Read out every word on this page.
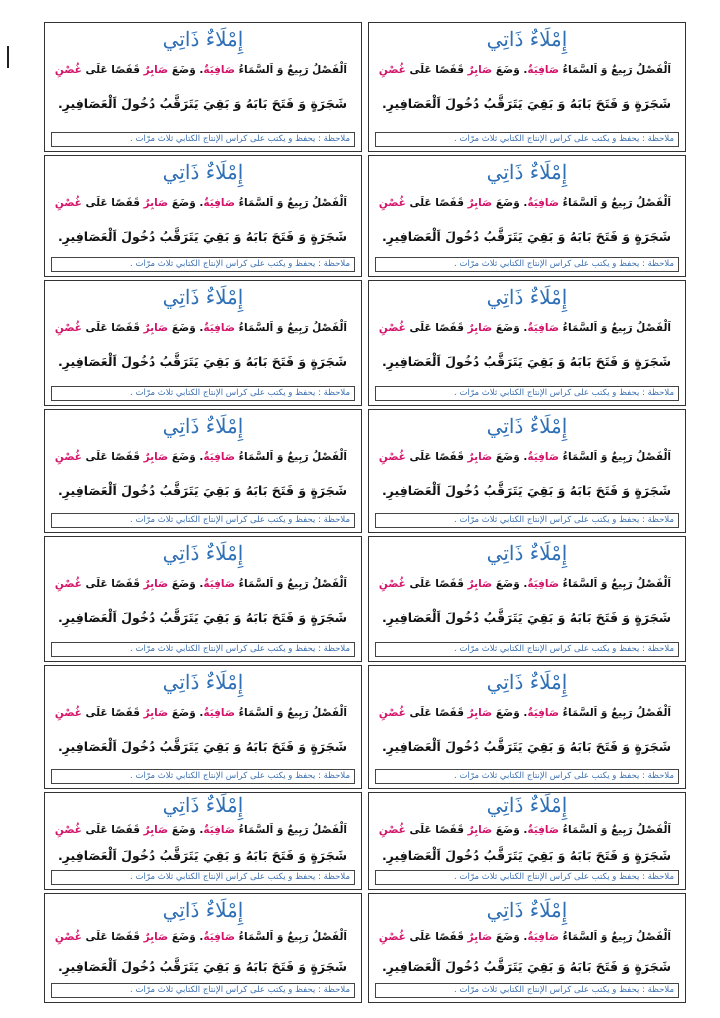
إِمْلَاءٌ ذَاتِي
اَلْفَصْلُ رَبِيعٌ وَ اَلسَّمَاءُ صَافِيَةٌ. وَضَعَ صَابِرٌ قَفَصًا عَلَى غُصْنِ
شَجَرَةٍ وَ فَتَحَ بَابَهُ وَ بَقِيَ يَتَرَقَّبُ دُخُولَ اَلْعَصَافِيرِ.
ملاحظة : يحفظ و يكتب على كراس الإنتاج الكتابي ثلاث مرّات .
إِمْلَاءٌ ذَاتِي
اَلْفَصْلُ رَبِيعٌ وَ اَلسَّمَاءُ صَافِيَةٌ. وَضَعَ صَابِرٌ قَفَصًا عَلَى غُصْنِ
شَجَرَةٍ وَ فَتَحَ بَابَهُ وَ بَقِيَ يَتَرَقَّبُ دُخُولَ اَلْعَصَافِيرِ.
ملاحظة : يحفظ و يكتب على كراس الإنتاج الكتابي ثلاث مرّات .
إِمْلَاءٌ ذَاتِي
اَلْفَصْلُ رَبِيعٌ وَ اَلسَّمَاءُ صَافِيَةٌ. وَضَعَ صَابِرٌ قَفَصًا عَلَى غُصْنِ
شَجَرَةٍ وَ فَتَحَ بَابَهُ وَ بَقِيَ يَتَرَقَّبُ دُخُولَ اَلْعَصَافِيرِ.
ملاحظة : يحفظ و يكتب على كراس الإنتاج الكتابي ثلاث مرّات .
إِمْلَاءٌ ذَاتِي
اَلْفَصْلُ رَبِيعٌ وَ اَلسَّمَاءُ صَافِيَةٌ. وَضَعَ صَابِرٌ قَفَصًا عَلَى غُصْنِ
شَجَرَةٍ وَ فَتَحَ بَابَهُ وَ بَقِيَ يَتَرَقَّبُ دُخُولَ اَلْعَصَافِيرِ.
ملاحظة : يحفظ و يكتب على كراس الإنتاج الكتابي ثلاث مرّات .
إِمْلَاءٌ ذَاتِي
اَلْفَصْلُ رَبِيعٌ وَ اَلسَّمَاءُ صَافِيَةٌ. وَضَعَ صَابِرٌ قَفَصًا عَلَى غُصْنِ
شَجَرَةٍ وَ فَتَحَ بَابَهُ وَ بَقِيَ يَتَرَقَّبُ دُخُولَ اَلْعَصَافِيرِ.
ملاحظة : يحفظ و يكتب على كراس الإنتاج الكتابي ثلاث مرّات .
إِمْلَاءٌ ذَاتِي
اَلْفَصْلُ رَبِيعٌ وَ اَلسَّمَاءُ صَافِيَةٌ. وَضَعَ صَابِرٌ قَفَصًا عَلَى غُصْنِ
شَجَرَةٍ وَ فَتَحَ بَابَهُ وَ بَقِيَ يَتَرَقَّبُ دُخُولَ اَلْعَصَافِيرِ.
ملاحظة : يحفظ و يكتب على كراس الإنتاج الكتابي ثلاث مرّات .
إِمْلَاءٌ ذَاتِي
اَلْفَصْلُ رَبِيعٌ وَ اَلسَّمَاءُ صَافِيَةٌ. وَضَعَ صَابِرٌ قَفَصًا عَلَى غُصْنِ
شَجَرَةٍ وَ فَتَحَ بَابَهُ وَ بَقِيَ يَتَرَقَّبُ دُخُولَ اَلْعَصَافِيرِ.
ملاحظة : يحفظ و يكتب على كراس الإنتاج الكتابي ثلاث مرّات .
إِمْلَاءٌ ذَاتِي
اَلْفَصْلُ رَبِيعٌ وَ اَلسَّمَاءُ صَافِيَةٌ. وَضَعَ صَابِرٌ قَفَصًا عَلَى غُصْنِ
شَجَرَةٍ وَ فَتَحَ بَابَهُ وَ بَقِيَ يَتَرَقَّبُ دُخُولَ اَلْعَصَافِيرِ.
ملاحظة : يحفظ و يكتب على كراس الإنتاج الكتابي ثلاث مرّات .
إِمْلَاءٌ ذَاتِي
اَلْفَصْلُ رَبِيعٌ وَ اَلسَّمَاءُ صَافِيَةٌ. وَضَعَ صَابِرٌ قَفَصًا عَلَى غُصْنِ
شَجَرَةٍ وَ فَتَحَ بَابَهُ وَ بَقِيَ يَتَرَقَّبُ دُخُولَ اَلْعَصَافِيرِ.
ملاحظة : يحفظ و يكتب على كراس الإنتاج الكتابي ثلاث مرّات .
إِمْلَاءٌ ذَاتِي
اَلْفَصْلُ رَبِيعٌ وَ اَلسَّمَاءُ صَافِيَةٌ. وَضَعَ صَابِرٌ قَفَصًا عَلَى غُصْنِ
شَجَرَةٍ وَ فَتَحَ بَابَهُ وَ بَقِيَ يَتَرَقَّبُ دُخُولَ اَلْعَصَافِيرِ.
ملاحظة : يحفظ و يكتب على كراس الإنتاج الكتابي ثلاث مرّات .
إِمْلَاءٌ ذَاتِي
اَلْفَصْلُ رَبِيعٌ وَ اَلسَّمَاءُ صَافِيَةٌ. وَضَعَ صَابِرٌ قَفَصًا عَلَى غُصْنِ
شَجَرَةٍ وَ فَتَحَ بَابَهُ وَ بَقِيَ يَتَرَقَّبُ دُخُولَ اَلْعَصَافِيرِ.
ملاحظة : يحفظ و يكتب على كراس الإنتاج الكتابي ثلاث مرّات .
إِمْلَاءٌ ذَاتِي
اَلْفَصْلُ رَبِيعٌ وَ اَلسَّمَاءُ صَافِيَةٌ. وَضَعَ صَابِرٌ قَفَصًا عَلَى غُصْنِ
شَجَرَةٍ وَ فَتَحَ بَابَهُ وَ بَقِيَ يَتَرَقَّبُ دُخُولَ اَلْعَصَافِيرِ.
ملاحظة : يحفظ و يكتب على كراس الإنتاج الكتابي ثلاث مرّات .
إِمْلَاءٌ ذَاتِي
اَلْفَصْلُ رَبِيعٌ وَ اَلسَّمَاءُ صَافِيَةٌ. وَضَعَ صَابِرٌ قَفَصًا عَلَى غُصْنِ
شَجَرَةٍ وَ فَتَحَ بَابَهُ وَ بَقِيَ يَتَرَقَّبُ دُخُولَ اَلْعَصَافِيرِ.
ملاحظة : يحفظ و يكتب على كراس الإنتاج الكتابي ثلاث مرّات .
إِمْلَاءٌ ذَاتِي
اَلْفَصْلُ رَبِيعٌ وَ اَلسَّمَاءُ صَافِيَةٌ. وَضَعَ صَابِرٌ قَفَصًا عَلَى غُصْنِ
شَجَرَةٍ وَ فَتَحَ بَابَهُ وَ بَقِيَ يَتَرَقَّبُ دُخُولَ اَلْعَصَافِيرِ.
ملاحظة : يحفظ و يكتب على كراس الإنتاج الكتابي ثلاث مرّات .
إِمْلَاءٌ ذَاتِي
اَلْفَصْلُ رَبِيعٌ وَ اَلسَّمَاءُ صَافِيَةٌ. وَضَعَ صَابِرٌ قَفَصًا عَلَى غُصْنِ
شَجَرَةٍ وَ فَتَحَ بَابَهُ وَ بَقِيَ يَتَرَقَّبُ دُخُولَ اَلْعَصَافِيرِ.
ملاحظة : يحفظ و يكتب على كراس الإنتاج الكتابي ثلاث مرّات .
إِمْلَاءٌ ذَاتِي
اَلْفَصْلُ رَبِيعٌ وَ اَلسَّمَاءُ صَافِيَةٌ. وَضَعَ صَابِرٌ قَفَصًا عَلَى غُصْنِ
شَجَرَةٍ وَ فَتَحَ بَابَهُ وَ بَقِيَ يَتَرَقَّبُ دُخُولَ اَلْعَصَافِيرِ.
ملاحظة : يحفظ و يكتب على كراس الإنتاج الكتابي ثلاث مرّات .
